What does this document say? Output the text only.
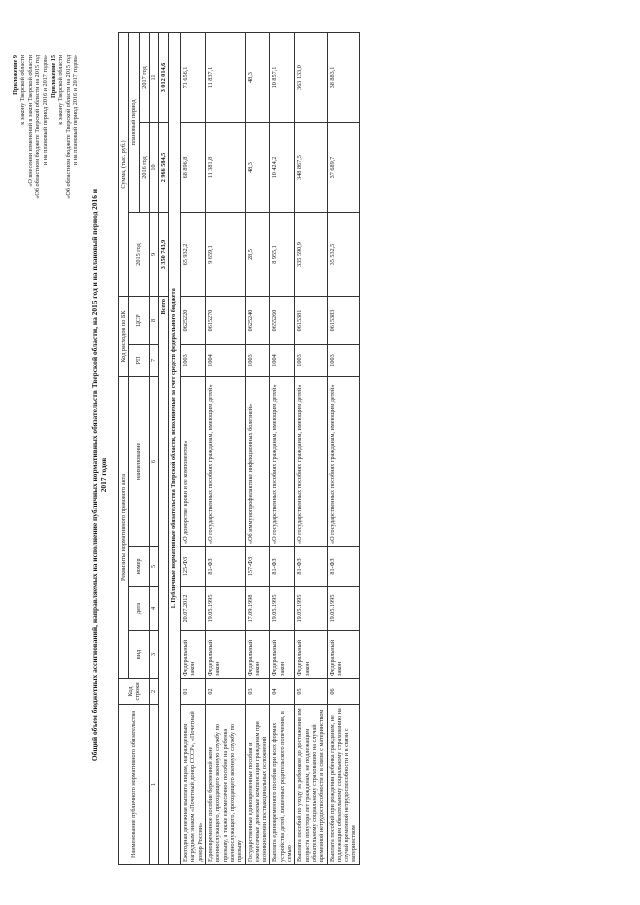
Приложение 9 к закону Тверской области «О внесении изменений в закон Тверской области «Об областном бюджете Тверской области на 2015 год и на плановый период 2016 и 2017 годов» Приложение 15 к закону Тверской области «Об областном бюджете Тверской области на 2015 год и на плановый период 2016 и 2017 годов»
Общий объем бюджетных ассигнований, направляемых на исполнение публичных нормативных обязательств Тверской области, на 2015 год и на плановый период 2016 и 2017 годов
Наименование публичного нормативного обязательства	Код строки	Реквизиты нормативного правового акта				Код расходов по БК		Сумма, (тыс. руб.)		
		вид	дата	номер	наименование	РП	ЦСР	2015 год	плановый период	
									2016 год	2017 год
1	2	3	4	5	6	7	8	9	10	11
Всего								3 350 743,9	2 966 584,5	3 012 014,6
1. Публичные нормативные обязательства Тверской области, исполняемые за счет средств федерального бюджета										
Ежегодная денежная выплата лицам, награжденным нагрудным знаком «Почетный донор СССР», «Почетный донор России»	01	Федеральный закон	20.07.2012	125-ФЗ	«О донорстве крови и ее компонентов»	1003	0625220	65 932,2	68 896,8	71 656,1
Единовременное пособие беременной жене военнослужащего, проходящего военную службу по призыву, а также ежемесячное пособие на ребенка военнослужащего, проходящего военную службу по призыву	02	Федеральный закон	19.05.1995	81-ФЗ	«О государственных пособиях гражданам, имеющим детей»	1004	0615270	9 659,1	11 381,8	11 837,1
Государственные единовременные пособия и ежемесячные денежные компенсации гражданам при возникновении поствакцинальных осложнений	03	Федеральный закон	17.09.1998	157-ФЗ	«Об иммунопрофилактике инфекционных болезней»	1003	0625240	28,5	48,3	48,3
Выплата единовременного пособия при всех формах устройства детей, лишенных родительского попечения, в семью	04	Федеральный закон	19.05.1995	81-ФЗ	«О государственных пособиях гражданам, имеющим детей»	1004	0655260	8 955,1	10 424,2	10 857,1
Выплата пособий по уходу за ребенком до достижения им возраста полутора лет гражданам, не подлежащим обязательному социальному страхованию на случай временной нетрудоспособности и в связи с материнством	05	Федеральный закон	19.05.1995	81-ФЗ	«О государственных пособиях гражданам, имеющим детей»	1003	0615381	335 590,9	348 867,5	363 133,0
Выплата пособий при рождении ребенка гражданам, не подлежащим обязательному социальному страхованию на случай временной нетрудоспособности и в связи с материнством	06	Федеральный закон	19.05.1995	81-ФЗ	«О государственных пособиях гражданам, имеющим детей»	1003	0615383	35 532,5	37 689,7	38 883,1
